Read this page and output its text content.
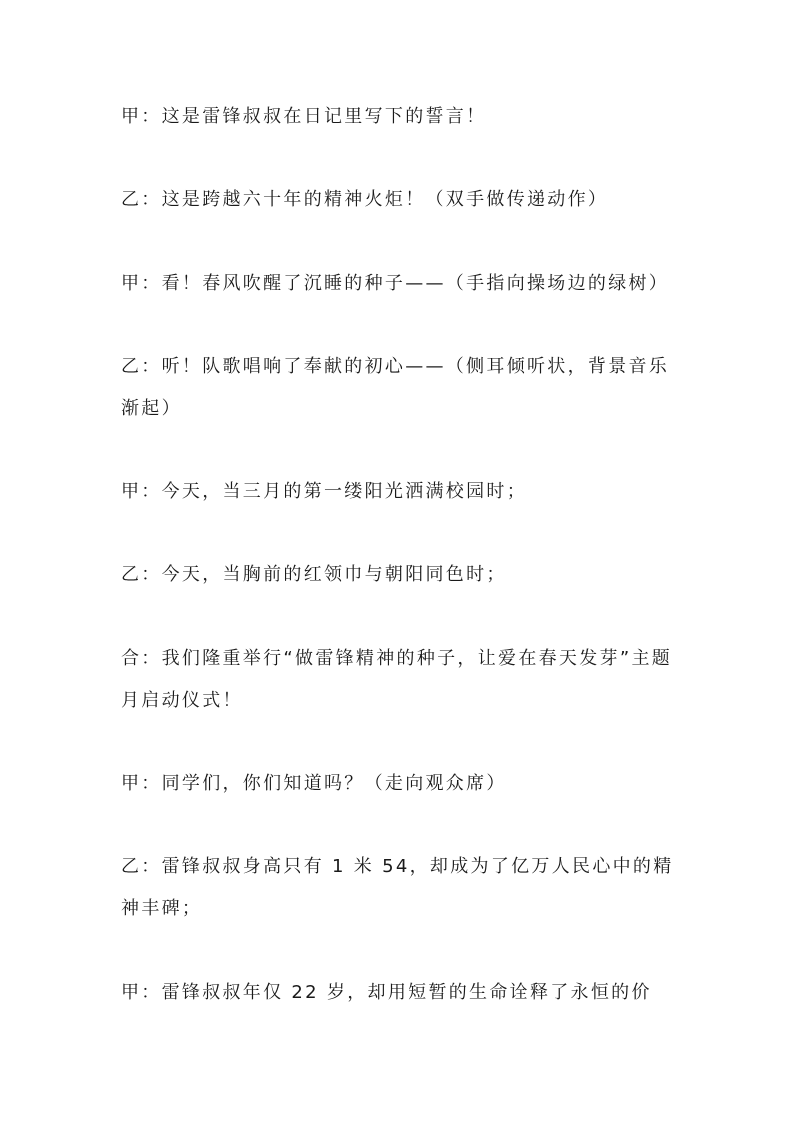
甲：这是雷锋叔叔在日记里写下的誓言！

乙：这是跨越六十年的精神火炬！（双手做传递动作）

甲：看！春风吹醒了沉睡的种子——（手指向操场边的绿树）

乙：听！队歌唱响了奉献的初心——（侧耳倾听状，背景音乐渐起）

甲：今天，当三月的第一缕阳光洒满校园时；

乙：今天，当胸前的红领巾与朝阳同色时；

合：我们隆重举行“做雷锋精神的种子，让爱在春天发芽”主题月启动仪式！

甲：同学们，你们知道吗？（走向观众席）

乙：雷锋叔叔身高只有 1 米 54，却成为了亿万人民心中的精神丰碑；

甲：雷锋叔叔年仅 22 岁，却用短暂的生命诠释了永恒的价
